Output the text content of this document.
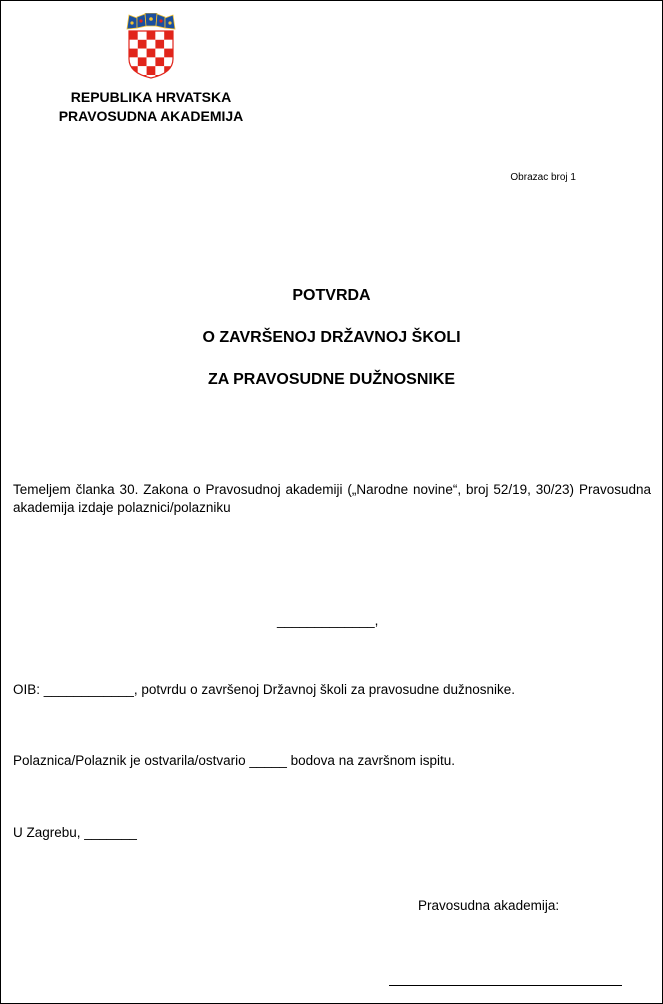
REPUBLIKA HRVATSKA
PRAVOSUDNA AKADEMIJA
Obrazac broj 1
POTVRDA
O ZAVRŠENOJ DRŽAVNOJ ŠKOLI
ZA PRAVOSUDNE DUŽNOSNIKE
Temeljem članka 30. Zakona o Pravosudnoj akademiji („Narodne novine“, broj 52/19, 30/23) Pravosudna akademija izdaje polaznici/polazniku
_____________,
OIB: ____________, potvrdu o završenoj Državnoj školi za pravosudne dužnosnike.
Polaznica/Polaznik je ostvarila/ostvario _____ bodova na završnom ispitu.
U Zagrebu, _______
Pravosudna akademija:
